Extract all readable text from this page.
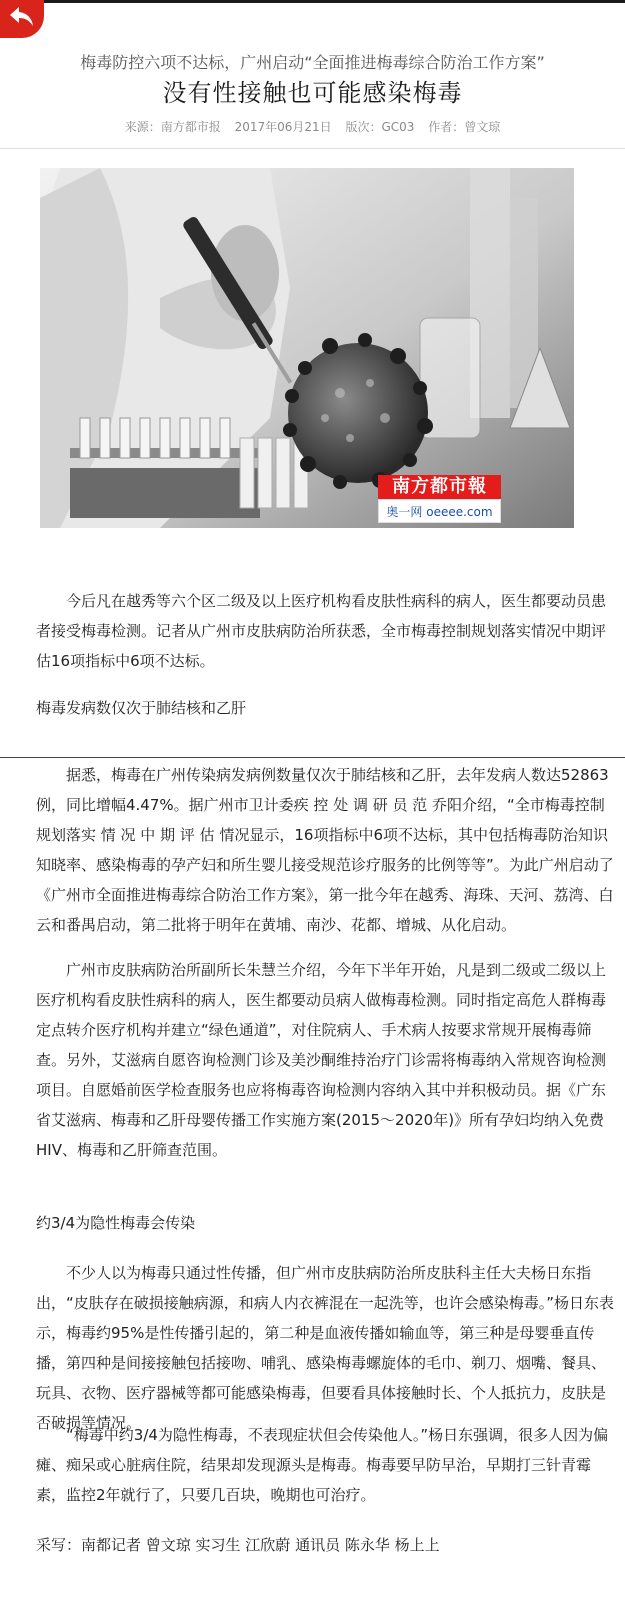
梅毒防控六项不达标，广州启动“全面推进梅毒综合防治工作方案”
没有性接触也可能感染梅毒
来源：南方都市报 2017年06月21日 版次：GC03 作者：曾文琼
南方都市報
奥一网 oeeee.com

今后凡在越秀等六个区二级及以上医疗机构看皮肤性病科的病人，医生都要动员患者接受梅毒检测。记者从广州市皮肤病防治所获悉，全市梅毒控制规划落实情况中期评估16项指标中6项不达标。

梅毒发病数仅次于肺结核和乙肝

据悉，梅毒在广州传染病发病例数量仅次于肺结核和乙肝，去年发病人数达52863例，同比增幅4.47%。据广州市卫计委疾 控 处 调 研 员 范 乔阳介绍，“全市梅毒控制规划落实 情 况 中 期 评 估 情况显示，16项指标中6项不达标，其中包括梅毒防治知识知晓率、感染梅毒的孕产妇和所生婴儿接受规范诊疗服务的比例等等”。为此广州启动了《广州市全面推进梅毒综合防治工作方案》，第一批今年在越秀、海珠、天河、荔湾、白云和番禺启动，第二批将于明年在黄埔、南沙、花都、增城、从化启动。

广州市皮肤病防治所副所长朱慧兰介绍，今年下半年开始，凡是到二级或二级以上医疗机构看皮肤性病科的病人，医生都要动员病人做梅毒检测。同时指定高危人群梅毒定点转介医疗机构并建立“绿色通道”，对住院病人、手术病人按要求常规开展梅毒筛查。另外，艾滋病自愿咨询检测门诊及美沙酮维持治疗门诊需将梅毒纳入常规咨询检测项目。自愿婚前医学检查服务也应将梅毒咨询检测内容纳入其中并积极动员。据《广东省艾滋病、梅毒和乙肝母婴传播工作实施方案(2015～2020年)》所有孕妇均纳入免费HIV、梅毒和乙肝筛查范围。

约3/4为隐性梅毒会传染

不少人以为梅毒只通过性传播，但广州市皮肤病防治所皮肤科主任大夫杨日东指出，“皮肤存在破损接触病源，和病人内衣裤混在一起洗等，也许会感染梅毒。”杨日东表示，梅毒约95%是性传播引起的，第二种是血液传播如输血等，第三种是母婴垂直传播，第四种是间接接触包括接吻、哺乳、感染梅毒螺旋体的毛巾、剃刀、烟嘴、餐具、玩具、衣物、医疗器械等都可能感染梅毒，但要看具体接触时长、个人抵抗力，皮肤是否破损等情况。

“梅毒中约3/4为隐性梅毒，不表现症状但会传染他人。”杨日东强调，很多人因为偏瘫、痴呆或心脏病住院，结果却发现源头是梅毒。梅毒要早防早治，早期打三针青霉素，监控2年就行了，只要几百块，晚期也可治疗。

采写：南都记者 曾文琼 实习生 江欣蔚 通讯员 陈永华 杨上上
